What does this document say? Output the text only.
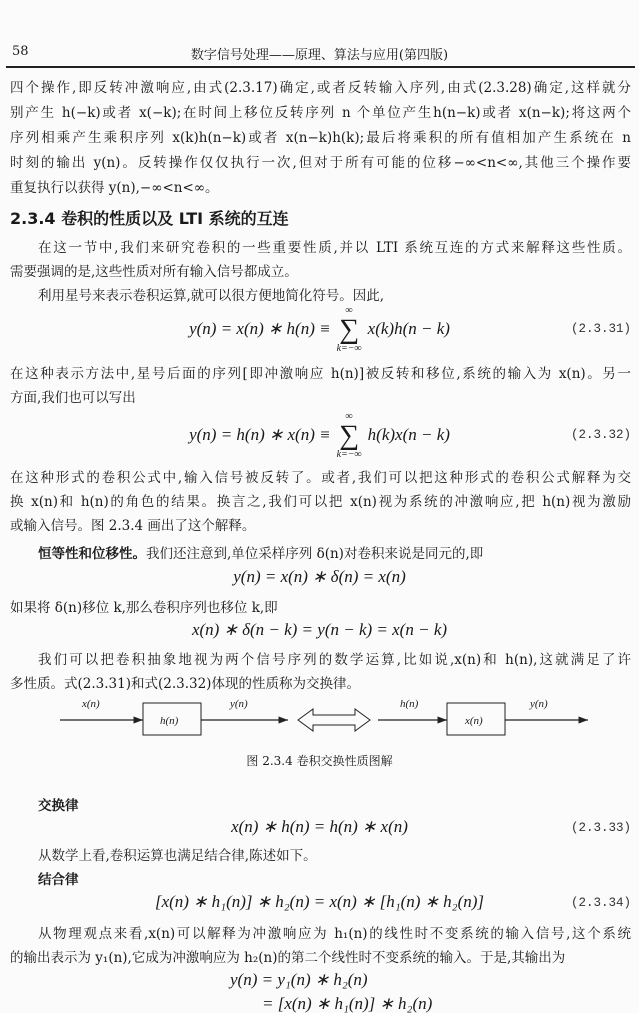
58	数字信号处理——原理、算法与应用(第四版)
四个操作,即反转冲激响应,由式(2.3.17)确定,或者反转输入序列,由式(2.3.28)确定,这样就分
别产生 h(−k)或者 x(−k);在时间上移位反转序列 n 个单位产生h(n−k)或者 x(n−k);将这两个
序列相乘产生乘积序列 x(k)h(n−k)或者 x(n−k)h(k);最后将乘积的所有值相加产生系统在 n
时刻的输出 y(n)。反转操作仅仅执行一次,但对于所有可能的位移−∞<n<∞,其他三个操作要
重复执行以获得 y(n),−∞<n<∞。
2.3.4 卷积的性质以及 LTI 系统的互连
在这一节中,我们来研究卷积的一些重要性质,并以 LTI 系统互连的方式来解释这些性质。
需要强调的是,这些性质对所有输入信号都成立。
利用星号来表示卷积运算,就可以很方便地简化符号。因此,
y(n) = x(n) ∗ h(n) ≡
∞
∑
k=−∞
x(k)h(n − k)	(2.3.31)
在这种表示方法中,星号后面的序列[即冲激响应 h(n)]被反转和移位,系统的输入为 x(n)。另一
方面,我们也可以写出
y(n) = h(n) ∗ x(n) ≡
∞
∑
k=−∞
h(k)x(n − k)	(2.3.32)
在这种形式的卷积公式中,输入信号被反转了。或者,我们可以把这种形式的卷积公式解释为交
换 x(n)和 h(n)的角色的结果。换言之,我们可以把 x(n)视为系统的冲激响应,把 h(n)视为激励
或输入信号。图 2.3.4 画出了这个解释。
恒等性和位移性。我们还注意到,单位采样序列 δ(n)对卷积来说是同元的,即
y(n) = x(n) ∗ δ(n) = x(n)
如果将 δ(n)移位 k,那么卷积序列也移位 k,即
x(n) ∗ δ(n − k) = y(n − k) = x(n − k)
我们可以把卷积抽象地视为两个信号序列的数学运算,比如说,x(n)和 h(n),这就满足了许
多性质。式(2.3.31)和式(2.3.32)体现的性质称为交换律。
x(n)
h(n)
y(n)	h(n)
x(n)
y(n)
图 2.3.4 卷积交换性质图解
交换律
x(n) ∗ h(n) = h(n) ∗ x(n)	(2.3.33)
从数学上看,卷积运算也满足结合律,陈述如下。
结合律
[x(n) ∗ h₁(n)] ∗ h₂(n) = x(n) ∗ [h₁(n) ∗ h₂(n)]	(2.3.34)
从物理观点来看,x(n)可以解释为冲激响应为 h₁(n)的线性时不变系统的输入信号,这个系统
的输出表示为 y₁(n),它成为冲激响应为 h₂(n)的第二个线性时不变系统的输入。于是,其输出为
y(n) = y₁(n) ∗ h₂(n)
= [x(n) ∗ h₁(n)] ∗ h₂(n)
